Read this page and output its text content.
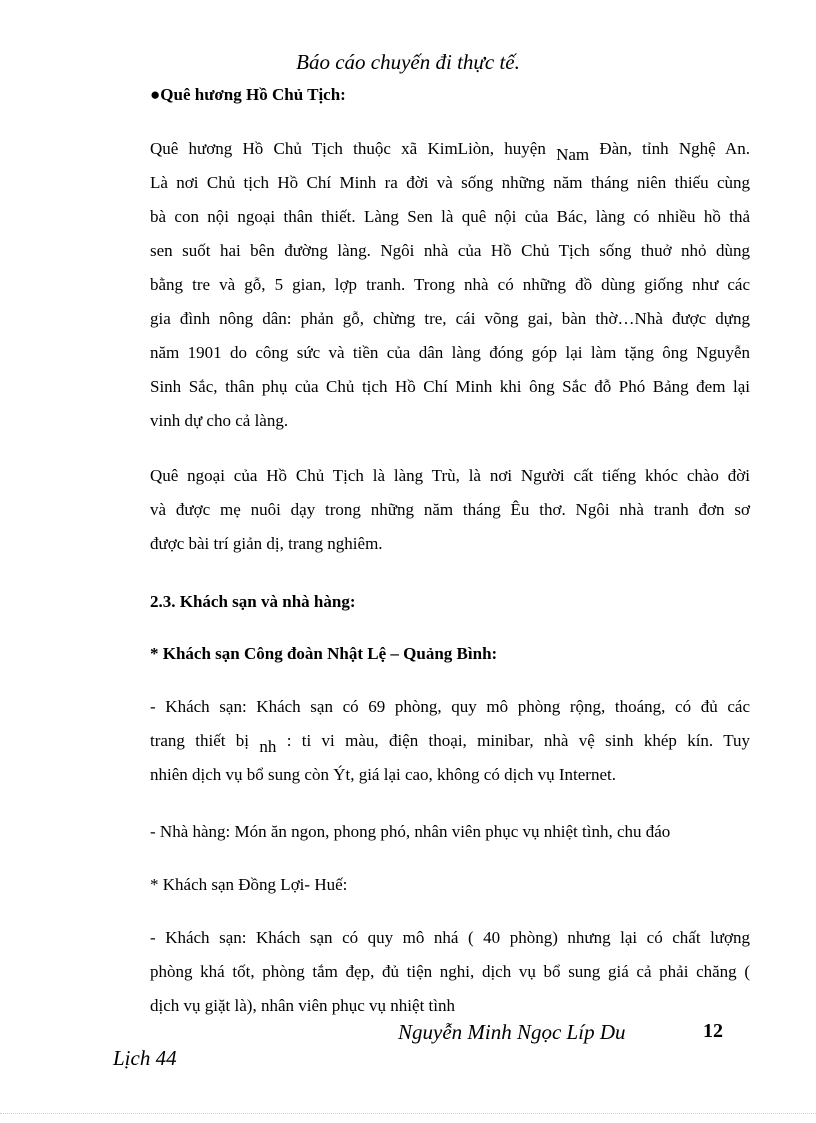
Báo cáo chuyến đi thực tế.
●Quê hương Hồ Chủ Tịch:
Quê hương Hồ Chủ Tịch thuộc xã KimLiòn, huyện Nam Đàn, tỉnh Nghệ An.
Là nơi Chủ tịch Hồ Chí Minh ra đời và sống những năm tháng niên thiếu cùng
bà con nội ngoại thân thiết. Làng Sen là quê nội của Bác, làng có nhiều hồ thả
sen suốt hai bên đường làng. Ngôi nhà của Hồ Chủ Tịch sống thuở nhỏ dùng
bằng tre và gỗ, 5 gian, lợp tranh. Trong nhà có những đồ dùng giống như các
gia đình nông dân: phản gỗ, chừng tre, cái võng gai, bàn thờ…Nhà được dựng
năm 1901 do công sức và tiền của dân làng đóng góp lại làm tặng ông Nguyễn
Sinh Sắc, thân phụ của Chủ tịch Hồ Chí Minh khi ông Sắc đỗ Phó Bảng đem lại
vinh dự cho cả làng.
Quê ngoại của Hồ Chủ Tịch là làng Trù, là nơi Người cất tiếng khóc chào đời
và được mẹ nuôi dạy trong những năm tháng Êu thơ. Ngôi nhà tranh đơn sơ
được bài trí giản dị, trang nghiêm.
2.3. Khách sạn và nhà hàng:
* Khách sạn Công đoàn Nhật Lệ – Quảng Bình:
- Khách sạn: Khách sạn có 69 phòng, quy mô phòng rộng, thoáng, có đủ các
trang thiết bị nh : ti vi màu, điện thoại, minibar, nhà vệ sinh khép kín. Tuy
nhiên dịch vụ bổ sung còn Ýt, giá lại cao, không có dịch vụ Internet.
- Nhà hàng: Món ăn ngon, phong phó, nhân viên phục vụ nhiệt tình, chu đáo
* Khách sạn Đồng Lợi- Huế:
- Khách sạn: Khách sạn có quy mô nhá ( 40 phòng) nhưng lại có chất lượng
phòng khá tốt, phòng tắm đẹp, đủ tiện nghi, dịch vụ bổ sung giá cả phải chăng (
dịch vụ giặt là), nhân viên phục vụ nhiệt tình
Nguyễn Minh Ngọc Líp Du	12
Lịch 44
